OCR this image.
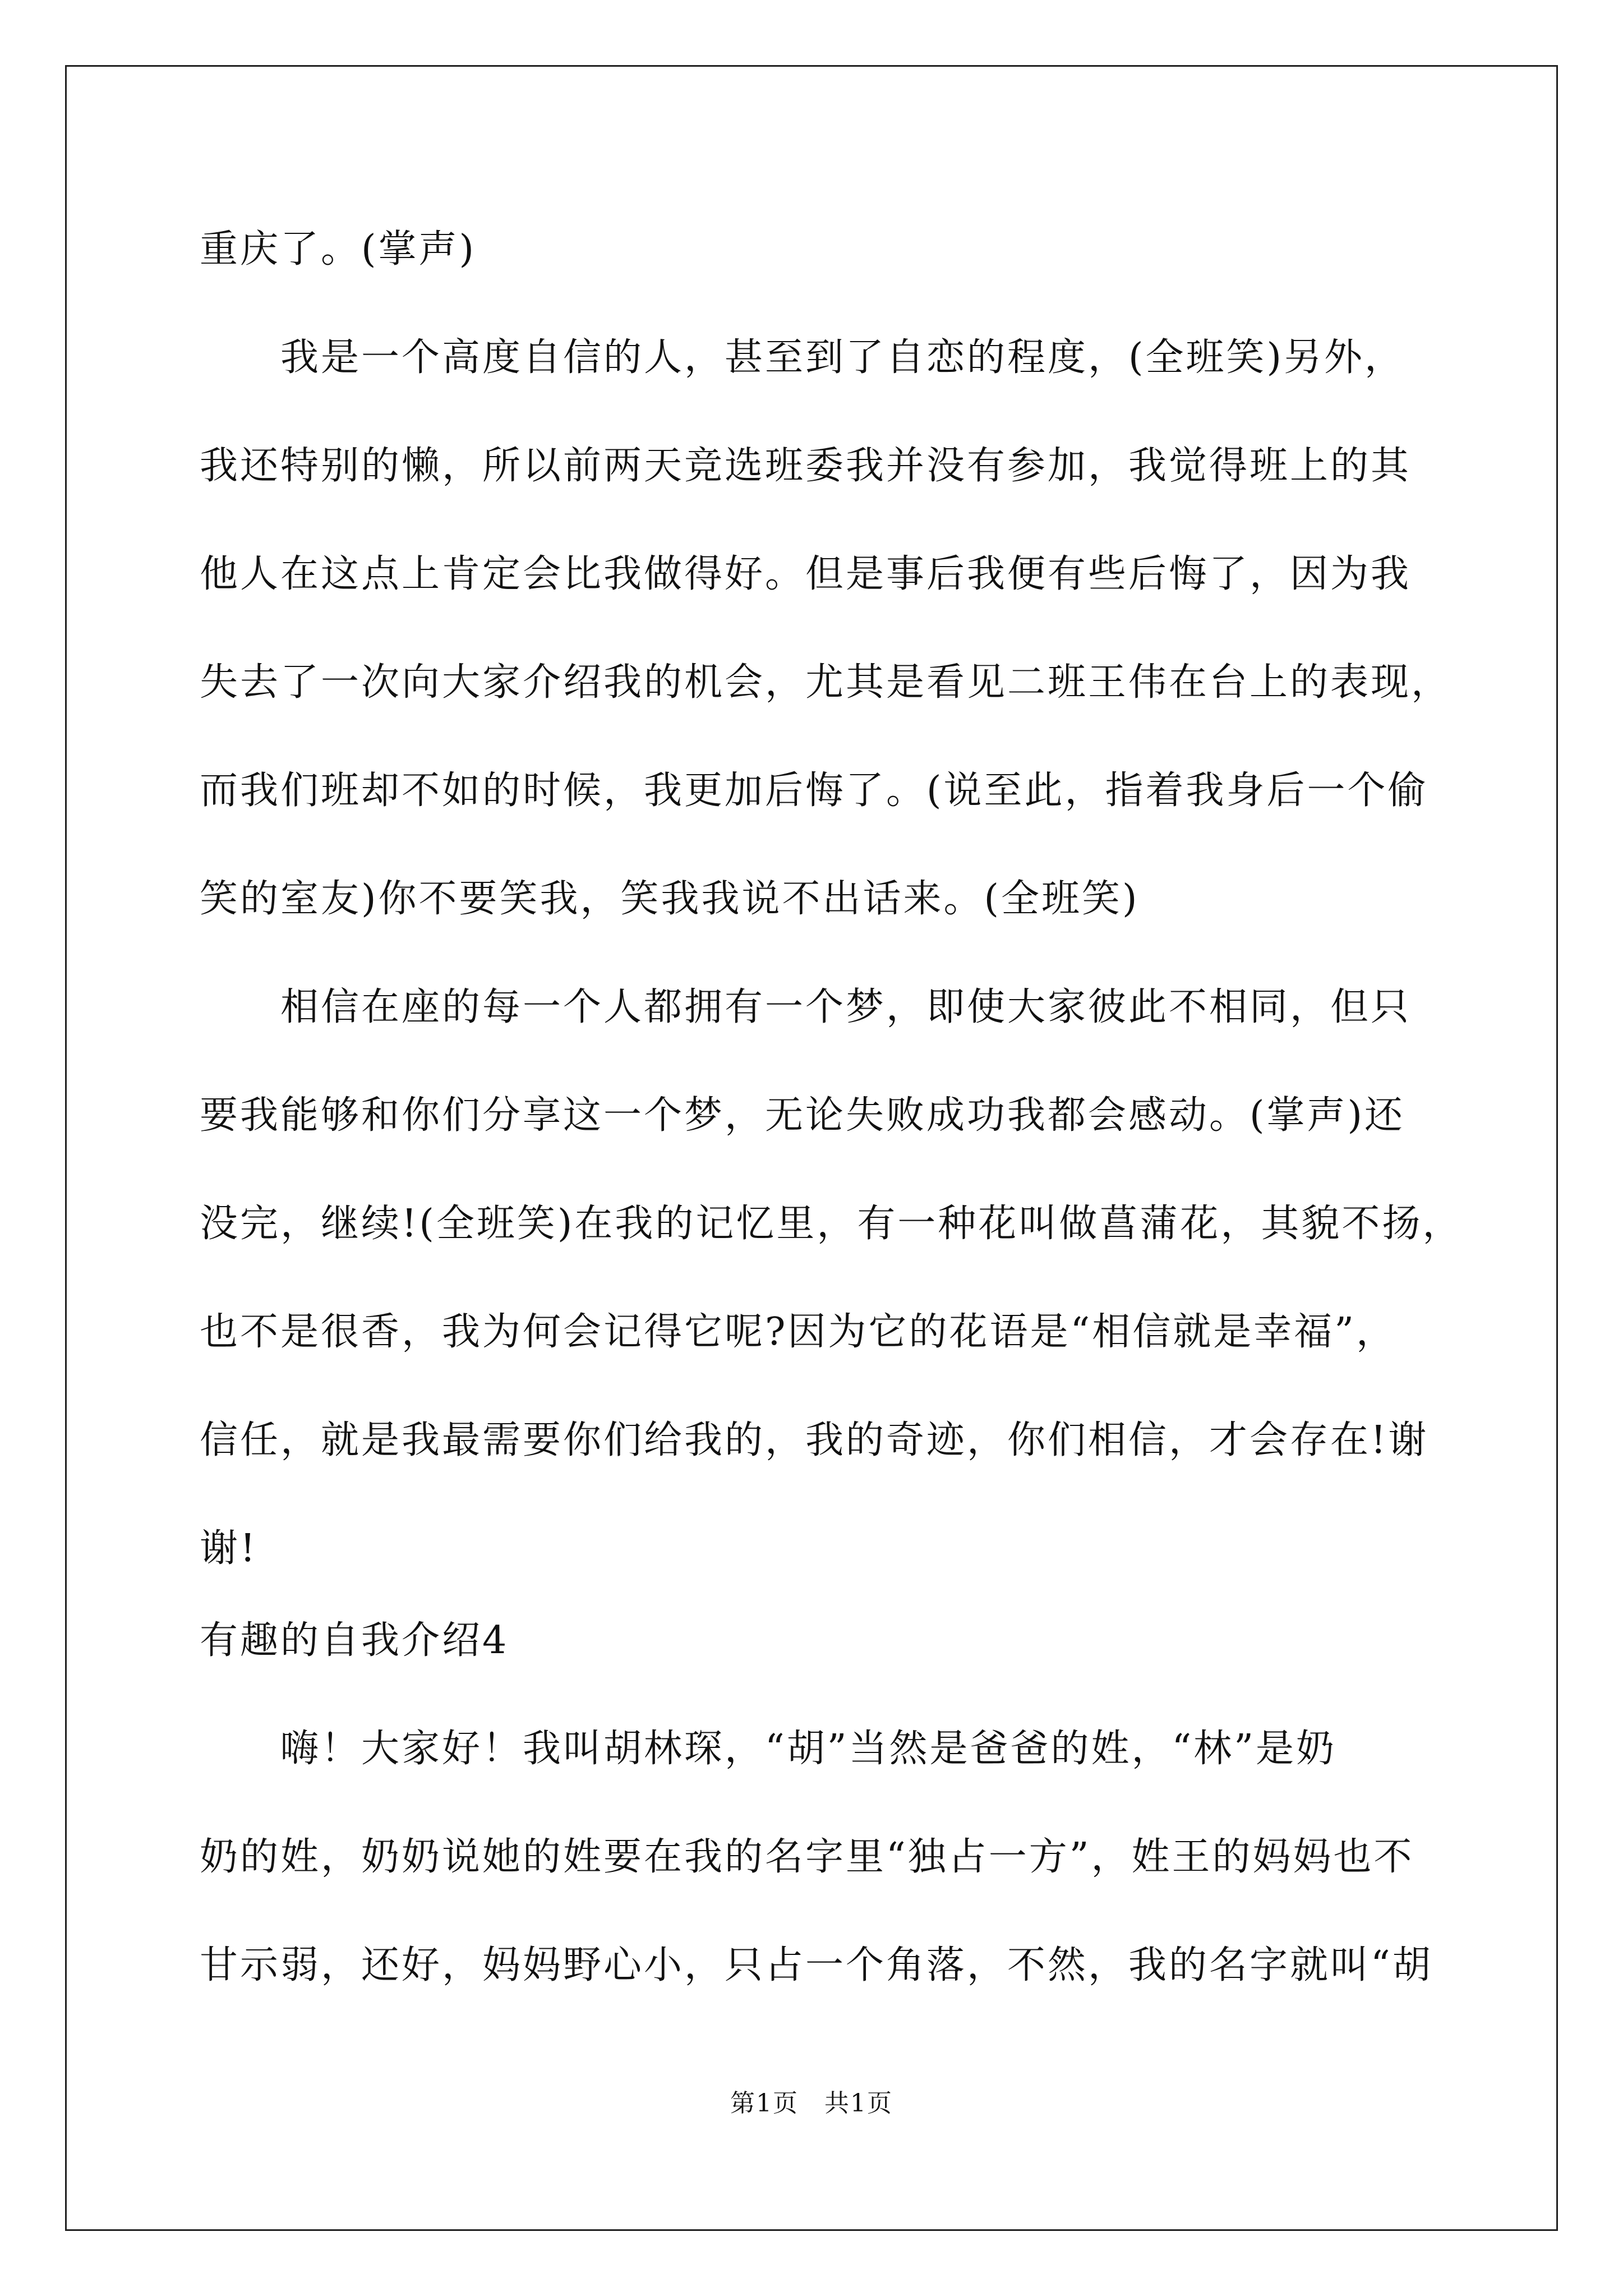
重庆了。(掌声)
我是一个高度自信的人，甚至到了自恋的程度，(全班笑)另外，
我还特别的懒，所以前两天竞选班委我并没有参加，我觉得班上的其
他人在这点上肯定会比我做得好。但是事后我便有些后悔了，因为我
失去了一次向大家介绍我的机会，尤其是看见二班王伟在台上的表现，
而我们班却不如的时候，我更加后悔了。(说至此，指着我身后一个偷
笑的室友)你不要笑我，笑我我说不出话来。(全班笑)
相信在座的每一个人都拥有一个梦，即使大家彼此不相同，但只
要我能够和你们分享这一个梦，无论失败成功我都会感动。(掌声)还
没完，继续!(全班笑)在我的记忆里，有一种花叫做菖蒲花，其貌不扬，
也不是很香，我为何会记得它呢?因为它的花语是“相信就是幸福”，
信任，就是我最需要你们给我的，我的奇迹，你们相信，才会存在!谢
谢!
有趣的自我介绍4
嗨！大家好！我叫胡林琛，“胡”当然是爸爸的姓，“林”是奶
奶的姓，奶奶说她的姓要在我的名字里“独占一方”，姓王的妈妈也不
甘示弱，还好，妈妈野心小，只占一个角落，不然，我的名字就叫“胡
第1页　共1页
